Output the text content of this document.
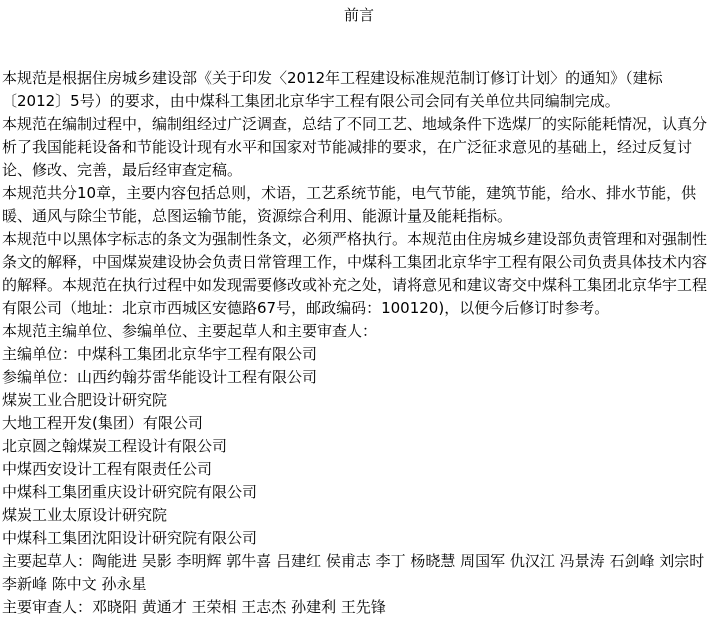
前言

本规范是根据住房城乡建设部《关于印发〈2012年工程建设标准规范制订修订计划〉的通知》（建标〔2012〕5号）的要求，由中煤科工集团北京华宇工程有限公司会同有关单位共同编制完成。

本规范在编制过程中，编制组经过广泛调查，总结了不同工艺、地域条件下选煤厂的实际能耗情况，认真分析了我国能耗设备和节能设计现有水平和国家对节能减排的要求，在广泛征求意见的基础上，经过反复讨论、修改、完善，最后经审查定稿。

本规范共分10章，主要内容包括总则，术语，工艺系统节能，电气节能，建筑节能，给水、排水节能，供暖、通风与除尘节能，总图运输节能，资源综合利用、能源计量及能耗指标。

本规范中以黑体字标志的条文为强制性条文，必须严格执行。本规范由住房城乡建设部负责管理和对强制性条文的解释，中国煤炭建设协会负责日常管理工作，中煤科工集团北京华宇工程有限公司负责具体技术内容的解释。本规范在执行过程中如发现需要修改或补充之处，请将意见和建议寄交中煤科工集团北京华宇工程有限公司（地址：北京市西城区安德路67号，邮政编码：100120)，以便今后修订时参考。

本规范主编单位、参编单位、主要起草人和主要审查人：

主编单位：中煤科工集团北京华宇工程有限公司

参编单位：山西约翰芬雷华能设计工程有限公司

煤炭工业合肥设计研究院

大地工程开发(集团）有限公司

北京圆之翰煤炭工程设计有限公司

中煤西安设计工程有限责任公司

中煤科工集团重庆设计研究院有限公司

煤炭工业太原设计研究院

中煤科工集团沈阳设计研究院有限公司

主要起草人：陶能进 吴影 李明辉 郭牛喜 吕建红 侯甫志 李丁 杨晓慧 周国军 仇汉江 冯景涛 石剑峰 刘宗时 李新峰 陈中文 孙永星

主要审查人：邓晓阳 黄通才 王荣相 王志杰 孙建利 王先锋
